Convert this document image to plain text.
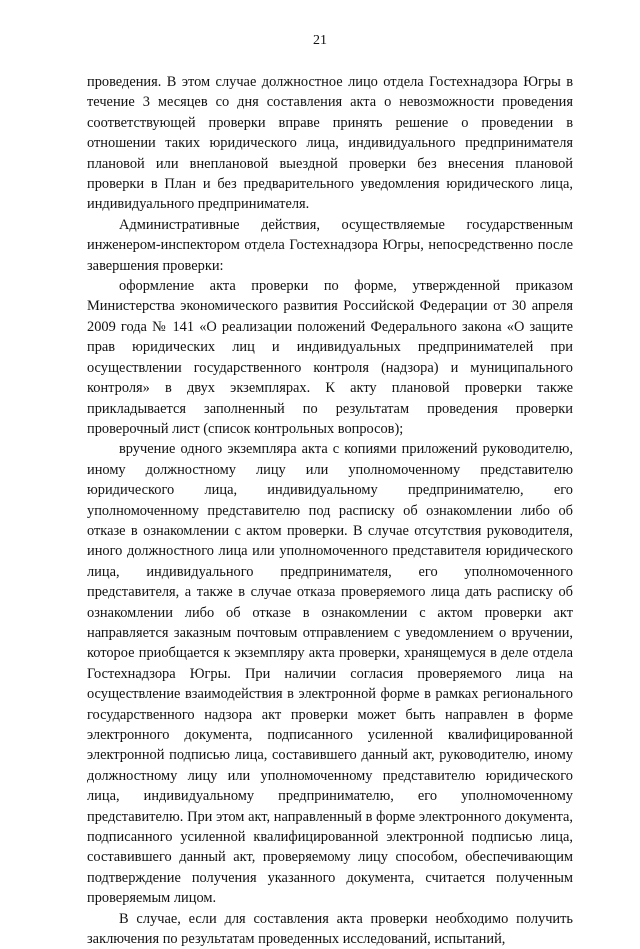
21

проведения. В этом случае должностное лицо отдела Гостехнадзора Югры в течение 3 месяцев со дня составления акта о невозможности проведения соответствующей проверки вправе принять решение о проведении в отношении таких юридического лица, индивидуального предпринимателя плановой или внеплановой выездной проверки без внесения плановой проверки в План и без предварительного уведомления юридического лица, индивидуального предпринимателя.

Административные действия, осуществляемые государственным инженером-инспектором отдела Гостехнадзора Югры, непосредственно после завершения проверки:

оформление акта проверки по форме, утвержденной приказом Министерства экономического развития Российской Федерации от 30 апреля 2009 года № 141 «О реализации положений Федерального закона «О защите прав юридических лиц и индивидуальных предпринимателей при осуществлении государственного контроля (надзора) и муниципального контроля» в двух экземплярах. К акту плановой проверки также прикладывается заполненный по результатам проведения проверки проверочный лист (список контрольных вопросов);

вручение одного экземпляра акта с копиями приложений руководителю, иному должностному лицу или уполномоченному представителю юридического лица, индивидуальному предпринимателю, его уполномоченному представителю под расписку об ознакомлении либо об отказе в ознакомлении с актом проверки. В случае отсутствия руководителя, иного должностного лица или уполномоченного представителя юридического лица, индивидуального предпринимателя, его уполномоченного представителя, а также в случае отказа проверяемого лица дать расписку об ознакомлении либо об отказе в ознакомлении с актом проверки акт направляется заказным почтовым отправлением с уведомлением о вручении, которое приобщается к экземпляру акта проверки, хранящемуся в деле отдела Гостехнадзора Югры. При наличии согласия проверяемого лица на осуществление взаимодействия в электронной форме в рамках регионального государственного надзора акт проверки может быть направлен в форме электронного документа, подписанного усиленной квалифицированной электронной подписью лица, составившего данный акт, руководителю, иному должностному лицу или уполномоченному представителю юридического лица, индивидуальному предпринимателю, его уполномоченному представителю. При этом акт, направленный в форме электронного документа, подписанного усиленной квалифицированной электронной подписью лица, составившего данный акт, проверяемому лицу способом, обеспечивающим подтверждение получения указанного документа, считается полученным проверяемым лицом.

В случае, если для составления акта проверки необходимо получить заключения по результатам проведенных исследований, испытаний,
